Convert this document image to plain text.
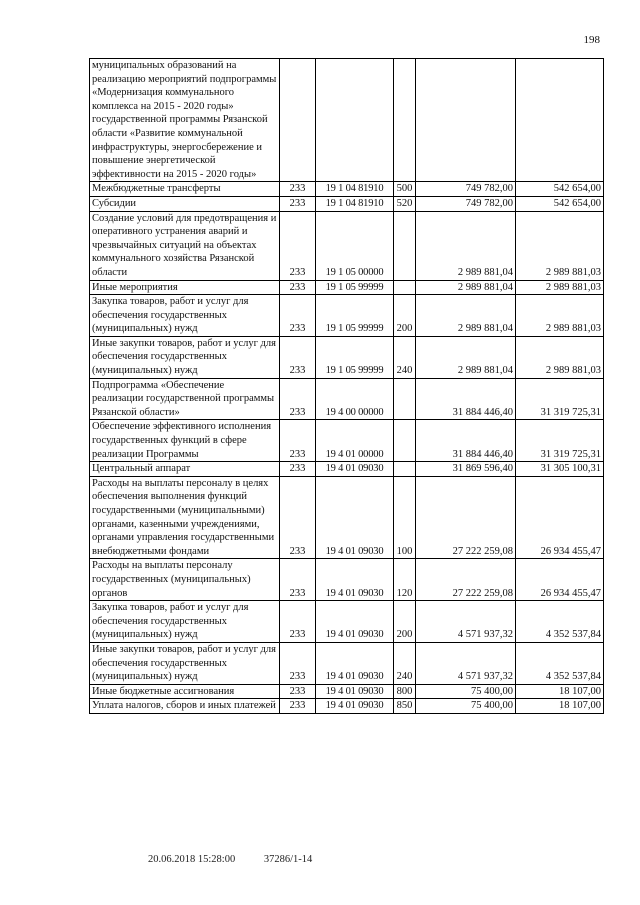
198
муниципальных образований на реализацию мероприятий подпрограммы «Модернизация коммунального комплекса на 2015 - 2020 годы» государственной программы Рязанской области «Развитие коммунальной инфраструктуры, энергосбережение и повышение энергетической эффективности на 2015 - 2020 годы»					
Межбюджетные трансферты	233	19 1 04 81910	500	749 782,00	542 654,00
Субсидии	233	19 1 04 81910	520	749 782,00	542 654,00
Создание условий для предотвращения и оперативного устранения аварий и чрезвычайных ситуаций на объектах коммунального хозяйства Рязанской области	233	19 1 05 00000		2 989 881,04	2 989 881,03
Иные мероприятия	233	19 1 05 99999		2 989 881,04	2 989 881,03
Закупка товаров, работ и услуг для обеспечения государственных (муниципальных) нужд	233	19 1 05 99999	200	2 989 881,04	2 989 881,03
Иные закупки товаров, работ и услуг для обеспечения государственных (муниципальных) нужд	233	19 1 05 99999	240	2 989 881,04	2 989 881,03
Подпрограмма «Обеспечение реализации государственной программы Рязанской области»	233	19 4 00 00000		31 884 446,40	31 319 725,31
Обеспечение эффективного исполнения государственных функций в сфере реализации Программы	233	19 4 01 00000		31 884 446,40	31 319 725,31
Центральный аппарат	233	19 4 01 09030		31 869 596,40	31 305 100,31
Расходы на выплаты персоналу в целях обеспечения выполнения функций государственными (муниципальными) органами, казенными учреждениями, органами управления государственными внебюджетными фондами	233	19 4 01 09030	100	27 222 259,08	26 934 455,47
Расходы на выплаты персоналу государственных (муниципальных) органов	233	19 4 01 09030	120	27 222 259,08	26 934 455,47
Закупка товаров, работ и услуг для обеспечения государственных (муниципальных) нужд	233	19 4 01 09030	200	4 571 937,32	4 352 537,84
Иные закупки товаров, работ и услуг для обеспечения государственных (муниципальных) нужд	233	19 4 01 09030	240	4 571 937,32	4 352 537,84
Иные бюджетные ассигнования	233	19 4 01 09030	800	75 400,00	18 107,00
Уплата налогов, сборов и иных платежей	233	19 4 01 09030	850	75 400,00	18 107,00
20.06.2018 15:28:00	37286/1-14
